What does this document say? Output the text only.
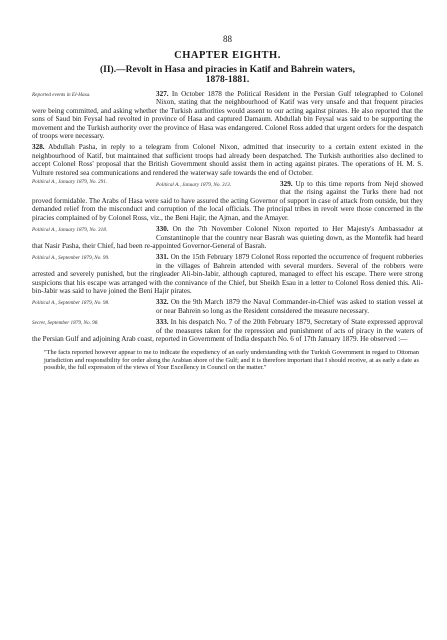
88
CHAPTER EIGHTH.
(II).—Revolt in Hasa and piracies in Katif and Bahrein waters,
1878-1881.
327. In October 1878 the Political Resident in the Persian Gulf telegraphed
Reported events in El-Hasa.	to Colonel Nixon, stating that the neighbourhood of Katif was very unsafe and that frequent piracies were being committed, and asking whether the Turkish authorities would assent to our acting against pirates. He also reported that the sons of Saud bin Feysal had revolted in province of Hasa and captured Damaum. Abdullah bin Feysal was said to be supporting the movement and the Turkish authority over the province of Hasa was endangered. Colonel Ross added that urgent orders for the despatch of troops were necessary.
328. Abdullah Pasha, in reply to a telegram from Colonel Nixon, admitted that insecurity to a certain extent existed in the neighbourhood of Katif, but maintained that sufficient troops had already been despatched. The Turkish authorities also declined to accept Colonel Ross' proposal that the British Government should assist them in acting against pirates. The operations of H. M. S. Vulture restored sea communications and rendered the waterway safe towards the end of October.
Political A., January 1879, No. 291.	329.
Political A., January 1879, No. 313.	Up to this time reports from Nejd showed that the rising against the Turks there had not proved formidable. The Arabs of Hasa were said to have assured the acting Governor of support in case of attack from outside, but they demanded relief from the misconduct and corruption of the local officials. The principal tribes in revolt were those concerned in the piracies complained of by Colonel Ross, viz., the Beni Hajir, the Ajman, and the Amayer.
330.
Political A., January 1879, No. 318.	On the 7th November Colonel Nixon reported to Her Majesty's Ambassador at Constantinople that the country near Basrah was quieting down, as the Montefik had heard that Nasir Pasha, their Chief, had been re-appointed Governor-General of Basrah.
331.
Political A., September 1879, No. 99.	On the 15th February 1879 Colonel Ross reported the occurrence of frequent robberies in the villages of Bahrein attended with several murders. Several of the robbers were arrested and severely punished, but the ringleader Ali-bin-Jabir, although captured, managed to effect his escape. There were strong suspicions that his escape was arranged with the connivance of the Chief, but Sheikh Esau in a letter to Colonel Ross denied this. Ali-bin-Jabir was said to have joined the Beni Hajir pirates.
332.
Political A., September 1879, No. 98.	On the 9th March 1879 the Naval Commander-in-Chief was asked to station vessel at or near Bahrein so long as the Resident considered the measure necessary.
333.
Secret, September 1879, No. 98.	In his despatch No. 7 of the 20th February 1879, Secretary of State expressed approval of the measures taken for the repression and punishment of acts of piracy in the waters of the Persian Gulf and adjoining Arab coast, reported in Government of India despatch No. 6 of 17th January 1879. He observed :—
"The facts reported however appear to me to indicate the expediency of an early understanding with the Turkish Government in regard to Ottoman jurisdiction and responsibility for order along the Arabian shore of the Gulf; and it is therefore important that I should receive, at as early a date as possible, the full expression of the views of Your Excellency in Council on the matter."
